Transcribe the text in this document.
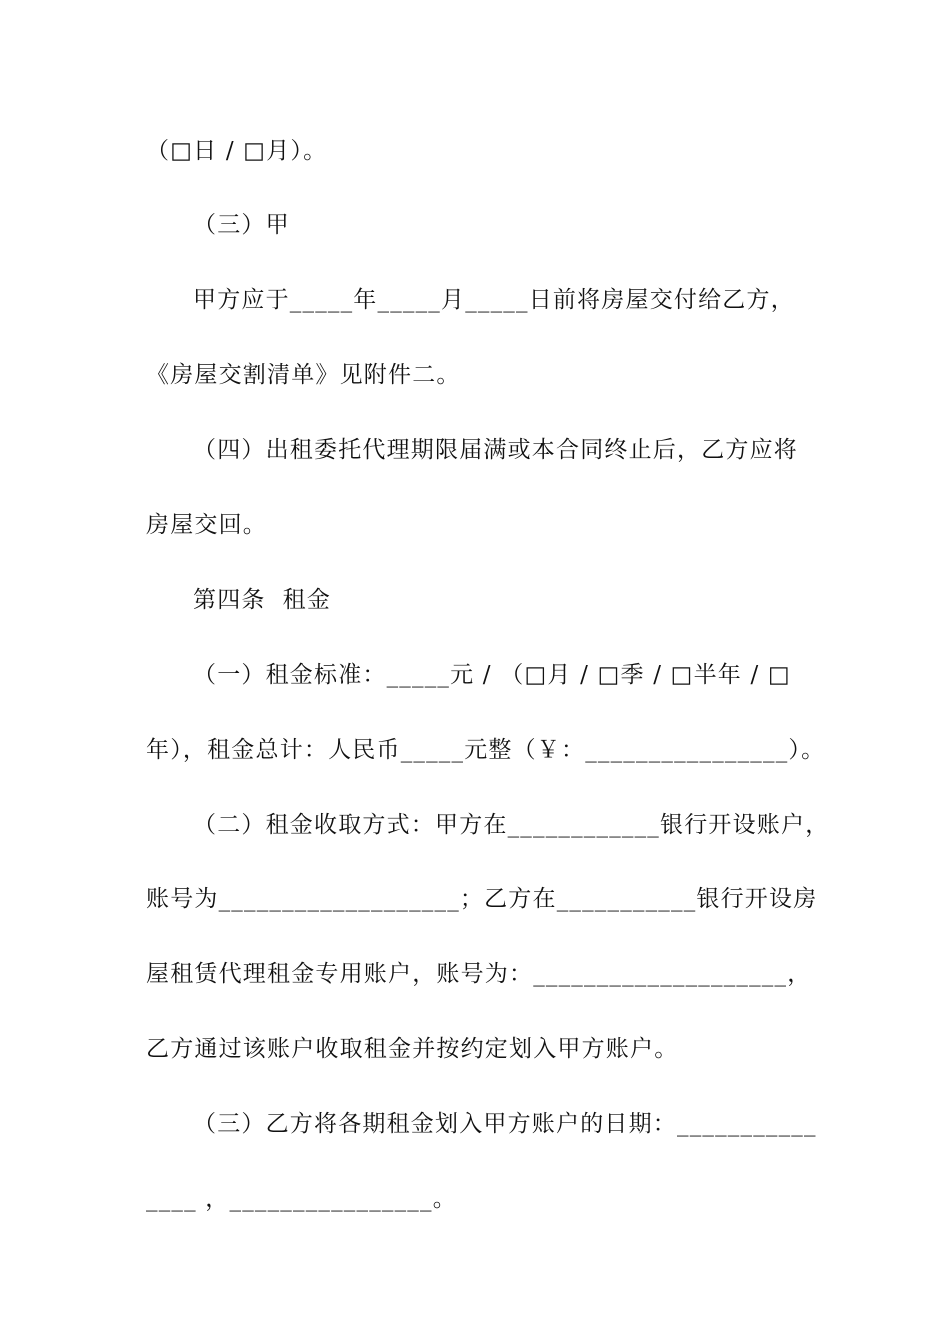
（□日 / □月）。
（三）甲
甲方应于_____年_____月_____日前将房屋交付给乙方，
《房屋交割清单》见附件二。
（四）出租委托代理期限届满或本合同终止后，乙方应将
房屋交回。
第四条  租金
（一）租金标准：_____元 / （□月 / □季 / □半年 / □
年），租金总计：人民币_____元整（￥：________________）。
（二）租金收取方式：甲方在____________银行开设账户，
账号为___________________；乙方在___________银行开设房
屋租赁代理租金专用账户，账号为：____________________，
乙方通过该账户收取租金并按约定划入甲方账户。
（三）乙方将各期租金划入甲方账户的日期：___________
____ ，________________。
